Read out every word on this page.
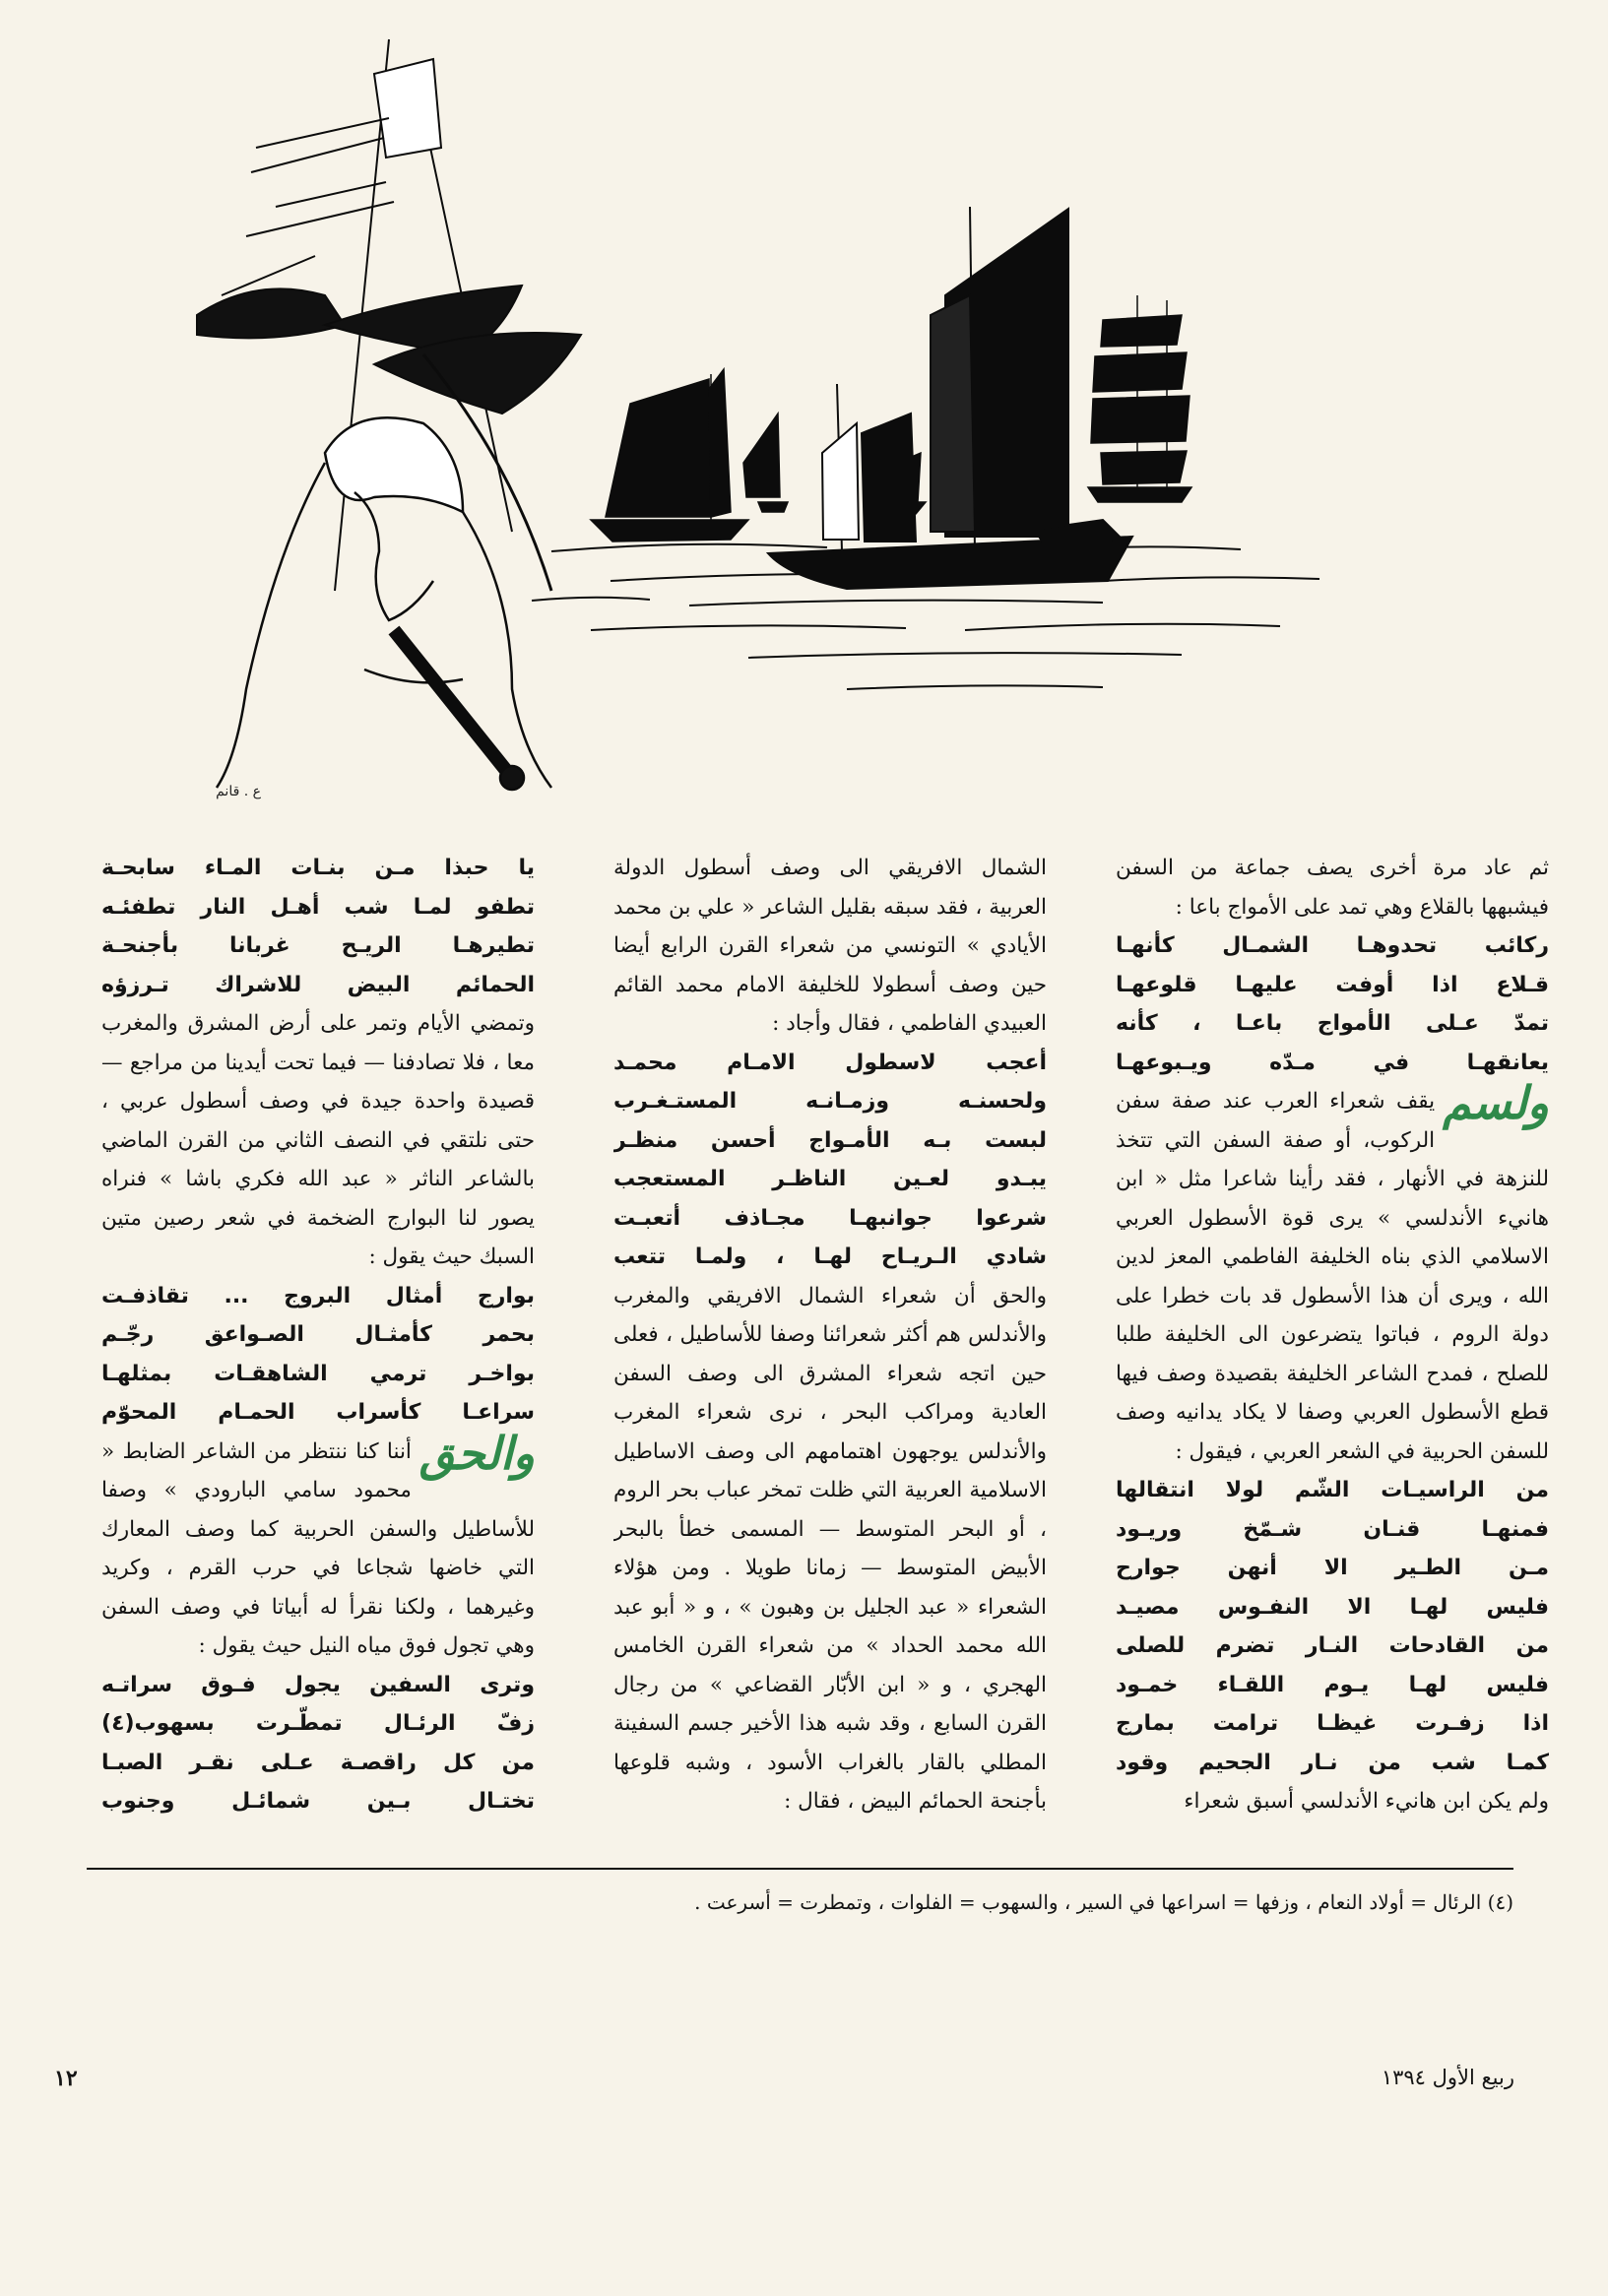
ع . قانم

ثم عاد مرة أخرى يصف جماعة من السفن فيشبهها بالقلاع وهي تمد على الأمواج باعا :

ركائب تحدوهـا الشمـال كأنهـا

قـلاع اذا أوفت عليهـا قلوعهـا

تمدّ عـلى الأمواج باعـا ، كأنه

يعانقهـا في مـدّه ويـبوعهـا

ولسم
يقف شعراء العرب عند صفة سفن الركوب، أو صفة السفن التي تتخذ للنزهة في الأنهار ، فقد رأينا شاعرا مثل « ابن هانيء الأندلسي » يرى قوة الأسطول العربي الاسلامي الذي بناه الخليفة الفاطمي المعز لدين الله ، ويرى أن هذا الأسطول قد بات خطرا على دولة الروم ، فباتوا يتضرعون الى الخليفة طلبا للصلح ، فمدح الشاعر الخليفة بقصيدة وصف فيها قطع الأسطول العربي وصفا لا يكاد يدانيه وصف للسفن الحربية في الشعر العربي ، فيقول :

من الراسيـات الشّم لولا انتقالها

فمنهـا قنـان شـمّخ وريـود

مـن الطـير الا أنهن جوارح

فليس لهـا الا النفـوس مصيـد

من القادحات النـار تضرم للصلى

فليس لهـا يـوم اللقـاء خمـود

اذا زفـرت غيظـا ترامت بمارج

كمـا شب من نـار الجحيم وقود

ولم يكن ابن هانيء الأندلسي أسبق شعراء

الشمال الافريقي الى وصف أسطول الدولة العربية ، فقد سبقه بقليل الشاعر « علي بن محمد الأيادي » التونسي من شعراء القرن الرابع أيضا حين وصف أسطولا للخليفة الامام محمد القائم العبيدي الفاطمي ، فقال وأجاد :

أعجب لاسطول الامـام محمـد

ولحسنـه وزمـانـه المستـغـرب

لبست بـه الأمـواج أحسن منظـر

يبـدو لعـين الناظـر المستعجب

شرعوا جوانبهـا مجـاذف أتعبـت

شادي الـريـاح لهـا ، ولمـا تتعب

والحق أن شعراء الشمال الافريقي والمغرب والأندلس هم أكثر شعرائنا وصفا للأساطيل ، فعلى حين اتجه شعراء المشرق الى وصف السفن العادية ومراكب البحر ، نرى شعراء المغرب والأندلس يوجهون اهتمامهم الى وصف الاساطيل الاسلامية العربية التي ظلت تمخر عباب بحر الروم ، أو البحر المتوسط — المسمى خطأ بالبحر الأبيض المتوسط — زمانا طويلا . ومن هؤلاء الشعراء « عبد الجليل بن وهبون » ، و « أبو عبد الله محمد الحداد » من شعراء القرن الخامس الهجري ، و « ابن الأبّار القضاعي » من رجال القرن السابع ، وقد شبه هذا الأخير جسم السفينة المطلي بالقار بالغراب الأسود ، وشبه قلوعها بأجنحة الحمائم البيض ، فقال :

يا حبذا مـن بنـات المـاء سابحـة

تطفو لمـا شب أهـل النار تطفئـه

تطيرهـا الريـح غربانا بأجنحـة

الحمائم البيض للاشراك تـرزؤه

وتمضي الأيام وتمر على أرض المشرق والمغرب معا ، فلا تصادفنا — فيما تحت أيدينا من مراجع — قصيدة واحدة جيدة في وصف أسطول عربي ، حتى نلتقي في النصف الثاني من القرن الماضي بالشاعر الناثر « عبد الله فكري باشا » فنراه يصور لنا البوارج الضخمة في شعر رصين متين السبك حيث يقول :

بوارج أمثال البروج ... تقاذفـت

بحمر كأمثـال الصـواعق رجّـم

بواخـر ترمي الشاهقـات بمثلهـا

سراعـا كأسراب الحمـام المحوّم

والحق
أننا كنا ننتظر من الشاعر الضابط « محمود سامي البارودي » وصفا للأساطيل والسفن الحربية كما وصف المعارك التي خاضها شجاعا في حرب القرم ، وكريد وغيرهما ، ولكنا نقرأ له أبياتا في وصف السفن وهي تجول فوق مياه النيل حيث يقول :

وترى السفين يجول فـوق سراتـه

زفّ الرئـال تمطّـرت بسهوب(٤)

من كل راقصـة عـلى نقـر الصبـا

تختـال بـين شمائـل وجنوب

(٤) الرئال = أولاد النعام ، وزفها = اسراعها في السير ، والسهوب = الفلوات ، وتمطرت = أسرعت .
ربيع الأول ١٣٩٤
١٢
